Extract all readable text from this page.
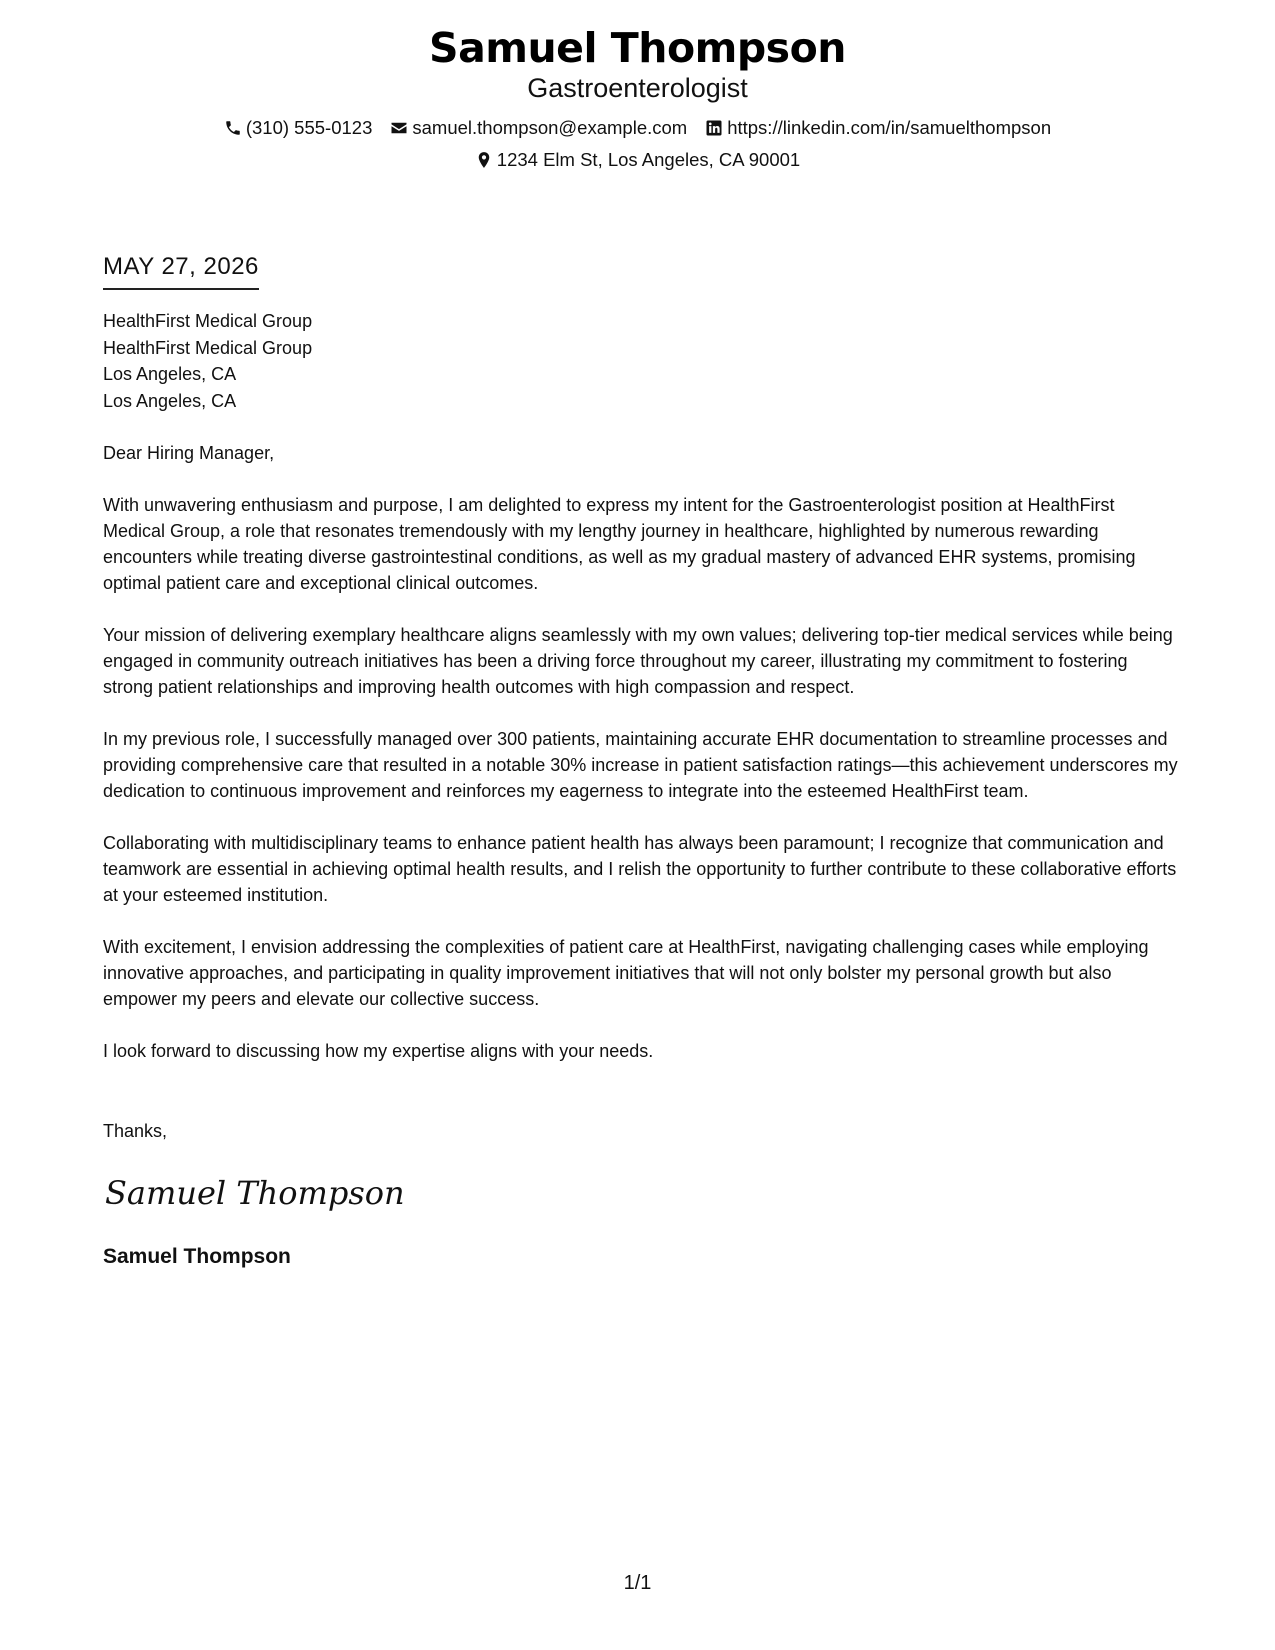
Samuel Thompson
Gastroenterologist
(310) 555-0123 samuel.thompson@example.com https://linkedin.com/in/samuelthompson
1234 Elm St, Los Angeles, CA 90001
MAY 27, 2026
HealthFirst Medical Group
HealthFirst Medical Group
Los Angeles, CA
Los Angeles, CA
Dear Hiring Manager,

With unwavering enthusiasm and purpose, I am delighted to express my intent for the Gastroenterologist position at HealthFirst Medical Group, a role that resonates tremendously with my lengthy journey in healthcare, highlighted by numerous rewarding encounters while treating diverse gastrointestinal conditions, as well as my gradual mastery of advanced EHR systems, promising optimal patient care and exceptional clinical outcomes.

Your mission of delivering exemplary healthcare aligns seamlessly with my own values; delivering top-tier medical services while being engaged in community outreach initiatives has been a driving force throughout my career, illustrating my commitment to fostering strong patient relationships and improving health outcomes with high compassion and respect.

In my previous role, I successfully managed over 300 patients, maintaining accurate EHR documentation to streamline processes and providing comprehensive care that resulted in a notable 30% increase in patient satisfaction ratings—this achievement underscores my dedication to continuous improvement and reinforces my eagerness to integrate into the esteemed HealthFirst team.

Collaborating with multidisciplinary teams to enhance patient health has always been paramount; I recognize that communication and teamwork are essential in achieving optimal health results, and I relish the opportunity to further contribute to these collaborative efforts at your esteemed institution.

With excitement, I envision addressing the complexities of patient care at HealthFirst, navigating challenging cases while employing innovative approaches, and participating in quality improvement initiatives that will not only bolster my personal growth but also empower my peers and elevate our collective success.

I look forward to discussing how my expertise aligns with your needs.

Thanks,
Samuel Thompson
Samuel Thompson
1/1
